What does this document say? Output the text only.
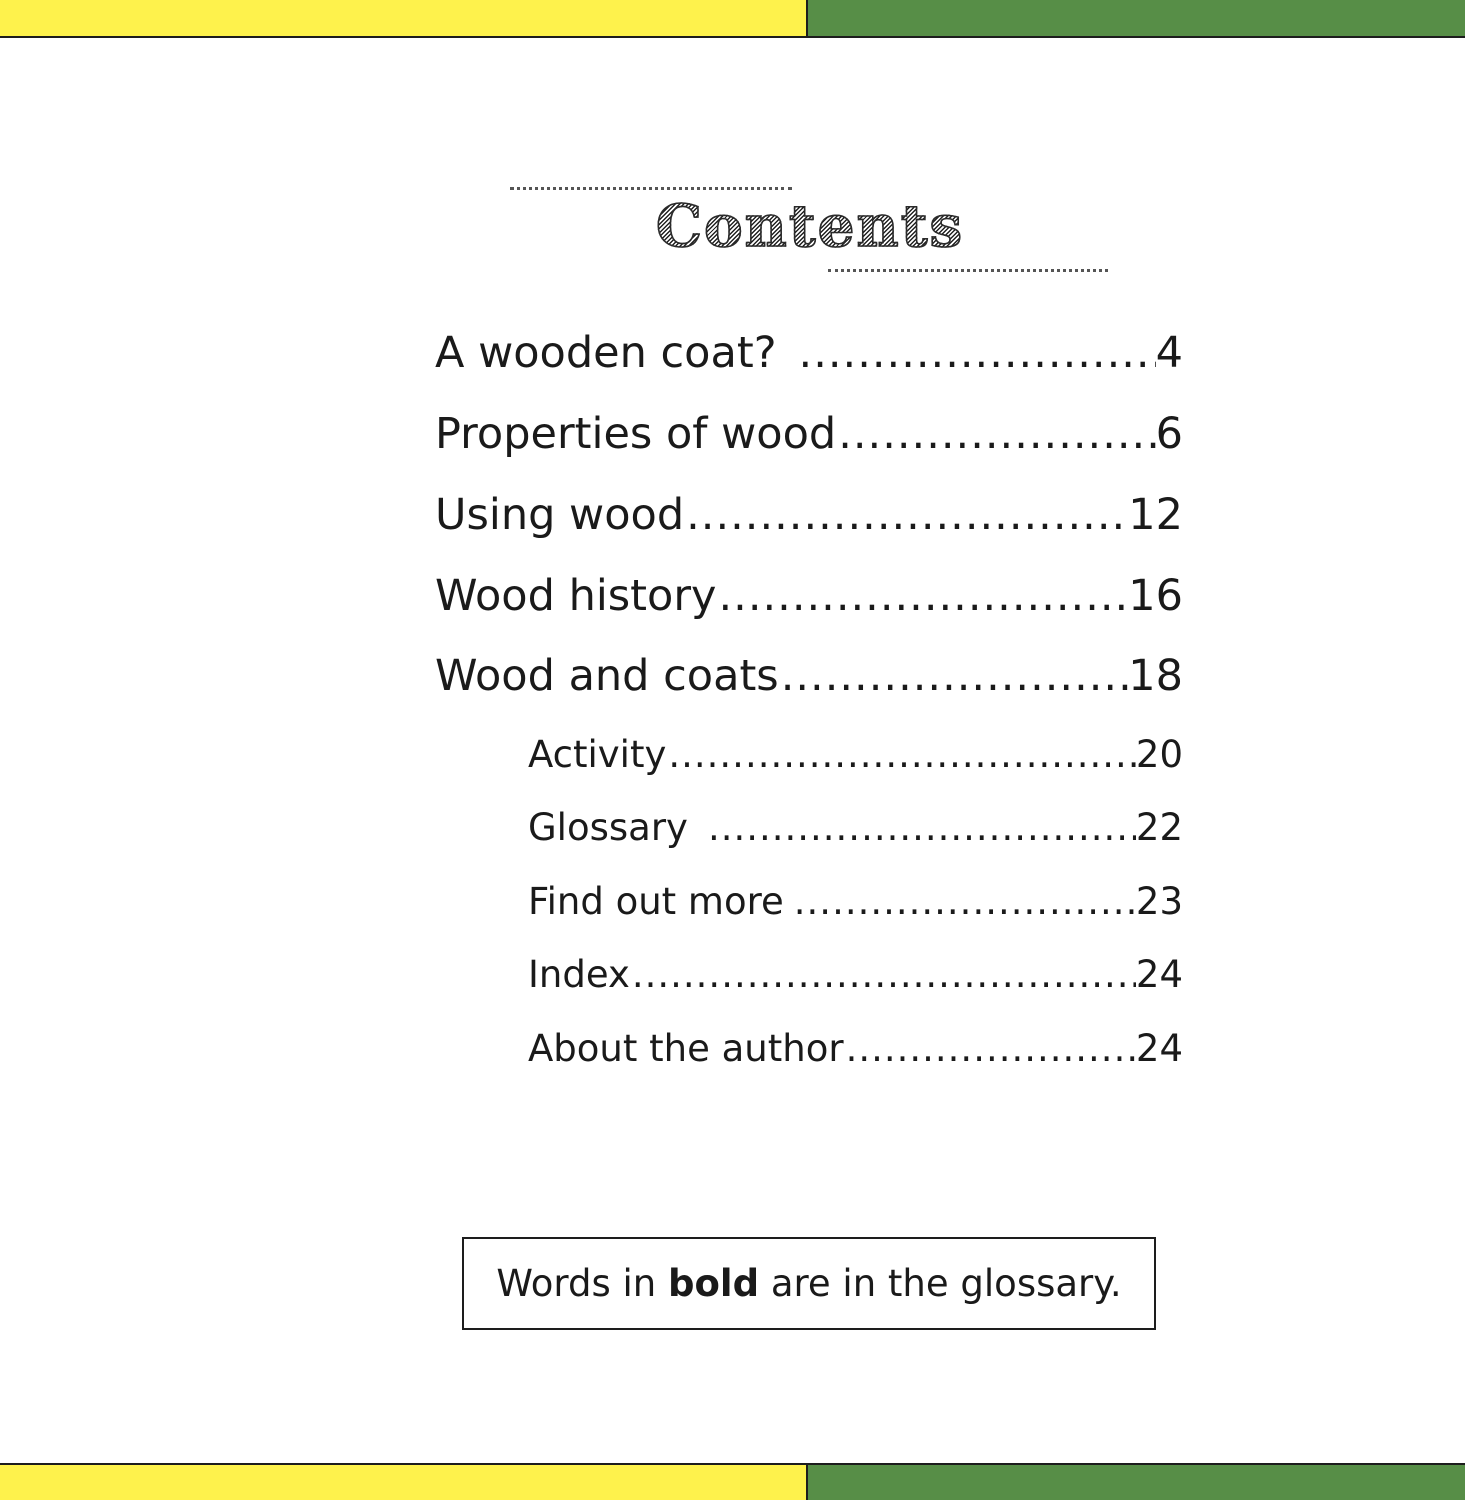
Contents
A wooden coat? .....	4
Properties of wood .....	6
Using wood .....	12
Wood history .....	16
Wood and coats .....	18
Activity .....	20
Glossary .....	22
Find out more .....	23
Index .....	24
About the author .....	24
Words in bold are in the glossary.
